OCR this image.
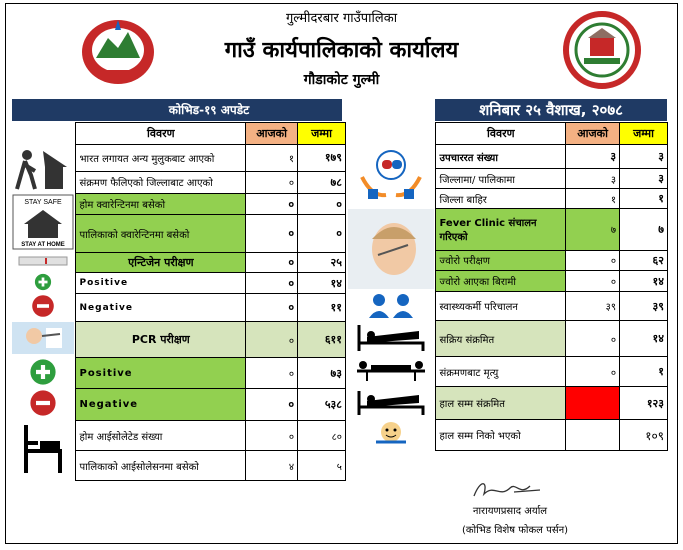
गुल्मीदरबार गाउँपालिका
गाउँ कार्यपालिकाको कार्यालय
गौडाकोट गुल्मी
कोभिड-१९ अपडेट	शनिबार २५ वैशाख, २०७८
	विवरण	आजको	जम्मा
	भारत लगायत अन्य मुलुकबाट आएको	१	१७९
	संक्रमण फैलिएको जिल्लाबाट आएको	०	७८

STAY SAFE
STAY AT HOME	होम क्वारेन्टिनमा बसेको	०	०
	पालिकाको क्वारेन्टिनमा बसेको	०	०
	एन्टिजेन परीक्षण	०	२५
	Positive	०	१४
	Negative	०	११
	PCR परीक्षण	०	६११
	Positive	०	७३
	Negative	०	५३८
	होम आईसोलेटेड संख्या	०	८०
	पालिकाको आईसोलेसनमा बसेको	४	५
	विवरण	आजको	जम्मा
	उपचाररत संख्या	३	३
	जिल्लामा/ पालिकामा	३	३
	जिल्ला बाहिर	१	१
	Fever Clinic संचालन गरिएको	७	७
	ज्वोरो परीक्षण	०	६२
	ज्वोरो आएका बिरामी	०	१४
	स्वास्थ्यकर्मी परिचालन	३९	३९
	सक्रिय संक्रमित	०	१४
	संक्रमणबाट मृत्यु	०	१
	हाल सम्म संक्रमित		१२३
	हाल सम्म निको भएको		१०९
नारायणप्रसाद अर्याल
(कोभिड विशेष फोकल पर्सन)
